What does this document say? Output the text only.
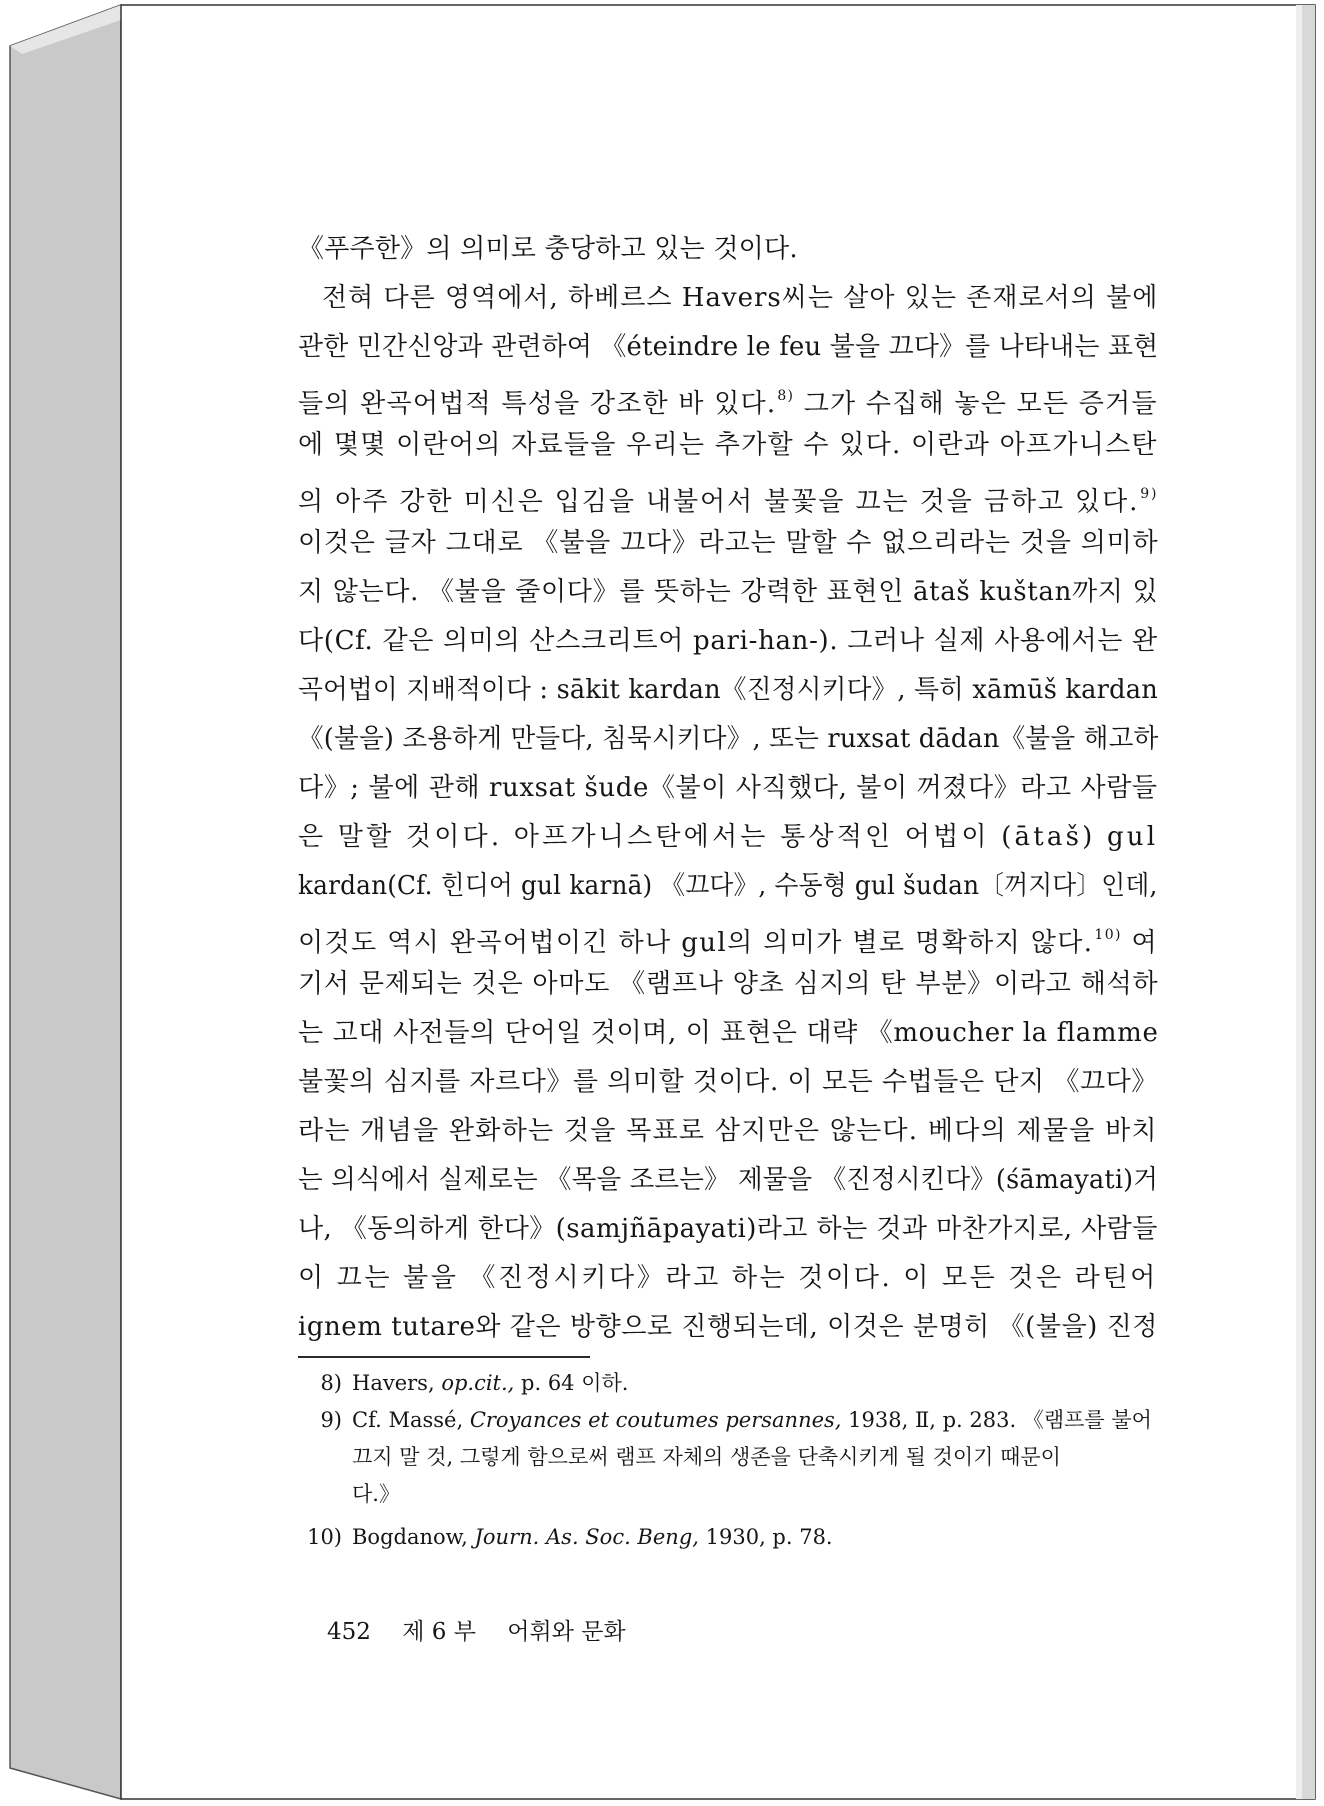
《푸주한》의 의미로 충당하고 있는 것이다.
전혀 다른 영역에서, 하베르스 Havers씨는 살아 있는 존재로서의 불에
관한 민간신앙과 관련하여 《éteindre le feu 불을 끄다》를 나타내는 표현
들의 완곡어법적 특성을 강조한 바 있다.$^{8)}$ 그가 수집해 놓은 모든 증거들
에 몇몇 이란어의 자료들을 우리는 추가할 수 있다. 이란과 아프가니스탄
의 아주 강한 미신은 입김을 내불어서 불꽃을 끄는 것을 금하고 있다.$^{9)}$
이것은 글자 그대로 《불을 끄다》라고는 말할 수 없으리라는 것을 의미하
지 않는다. 《불을 줄이다》를 뜻하는 강력한 표현인 ātaš kuštan까지 있
다(Cf. 같은 의미의 산스크리트어 pari-han-). 그러나 실제 사용에서는 완
곡어법이 지배적이다 : sākit kardan《진정시키다》, 특히 xāmūš kardan
《(불을) 조용하게 만들다, 침묵시키다》, 또는 ruxsat dādan《불을 해고하
다》; 불에 관해 ruxsat šude《불이 사직했다, 불이 꺼졌다》라고 사람들
은 말할 것이다. 아프가니스탄에서는 통상적인 어법이 (ātaš) gul
kardan(Cf. 힌디어 gul karnā) 《끄다》, 수동형 gul šudan〔꺼지다〕인데,
이것도 역시 완곡어법이긴 하나 gul의 의미가 별로 명확하지 않다.$^{10)}$ 여
기서 문제되는 것은 아마도 《램프나 양초 심지의 탄 부분》이라고 해석하
는 고대 사전들의 단어일 것이며, 이 표현은 대략 《moucher la flamme
불꽃의 심지를 자르다》를 의미할 것이다. 이 모든 수법들은 단지 《끄다》
라는 개념을 완화하는 것을 목표로 삼지만은 않는다. 베다의 제물을 바치
는 의식에서 실제로는 《목을 조르는》 제물을 《진정시킨다》(śāmayati)거
나, 《동의하게 한다》(samjñāpayati)라고 하는 것과 마찬가지로, 사람들
이 끄는 불을 《진정시키다》라고 하는 것이다. 이 모든 것은 라틴어
ignem tutare와 같은 방향으로 진행되는데, 이것은 분명히 《(불을) 진정
8) Havers, op.cit., p. 64 이하.
9) Cf. Massé, Croyances et coutumes persannes, 1938, Ⅱ, p. 283. 《램프를 불어
끄지 말 것, 그렇게 함으로써 램프 자체의 생존을 단축시키게 될 것이기 때문이
다.》
10) Bogdanow, Journ. As. Soc. Beng, 1930, p. 78.
452 제 6 부 어휘와 문화
